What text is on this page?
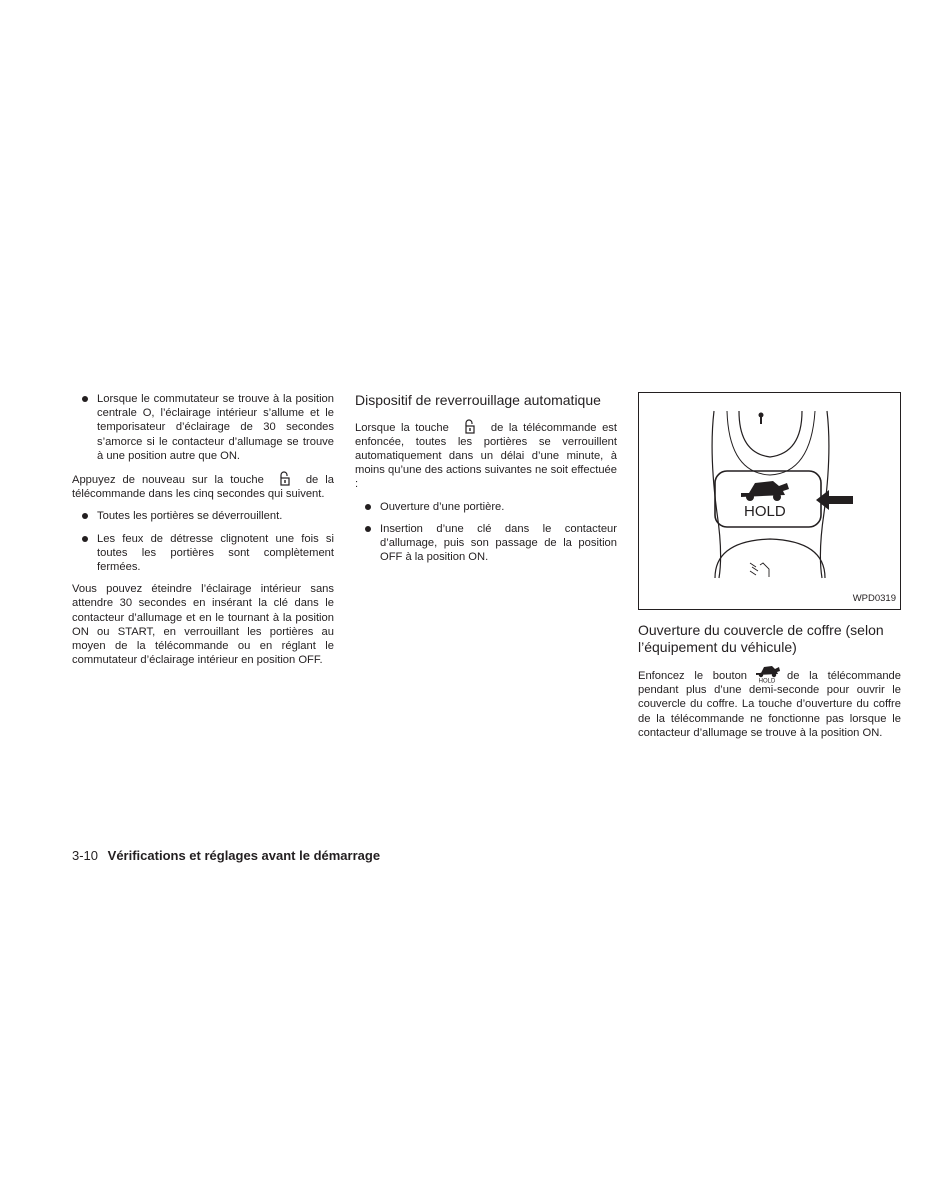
Lorsque le commutateur se trouve à la position centrale O, l’éclairage intérieur s’allume et le temporisateur d’éclairage de 30 secondes s’amorce si le contacteur d’allumage se trouve à une position autre que ON.

Appuyez de nouveau sur la touche	de la télécommande dans les cinq secondes qui suivent.

Toutes les portières se déverrouillent.
Les feux de détresse clignotent une fois si toutes les portières sont complètement fermées.

Vous pouvez éteindre l’éclairage intérieur sans attendre 30 secondes en insérant la clé dans le contacteur d’allumage et en le tournant à la position ON ou START, en verrouillant les portières au moyen de la télécommande ou en réglant le commutateur d’éclairage intérieur en position OFF.

Dispositif de reverrouillage automatique

Lorsque la touche	de la télécommande est enfoncée, toutes les portières se verrouillent automatiquement dans un délai d’une minute, à moins qu’une des actions suivantes ne soit effectuée :

Ouverture d’une portière.
Insertion d’une clé dans le contacteur d’allumage, puis son passage de la position OFF à la position ON.
HOLD
WPD0319
Ouverture du couvercle de coffre (selon l’équipement du véhicule)

Enfoncez le bouton HOLD de la télécommande pendant plus d’une demi-seconde pour ouvrir le couvercle du coffre. La touche d’ouverture du coffre de la télécommande ne fonctionne pas lorsque le contacteur d’allumage se trouve à la position ON.

3-10 Vérifications et réglages avant le démarrage
